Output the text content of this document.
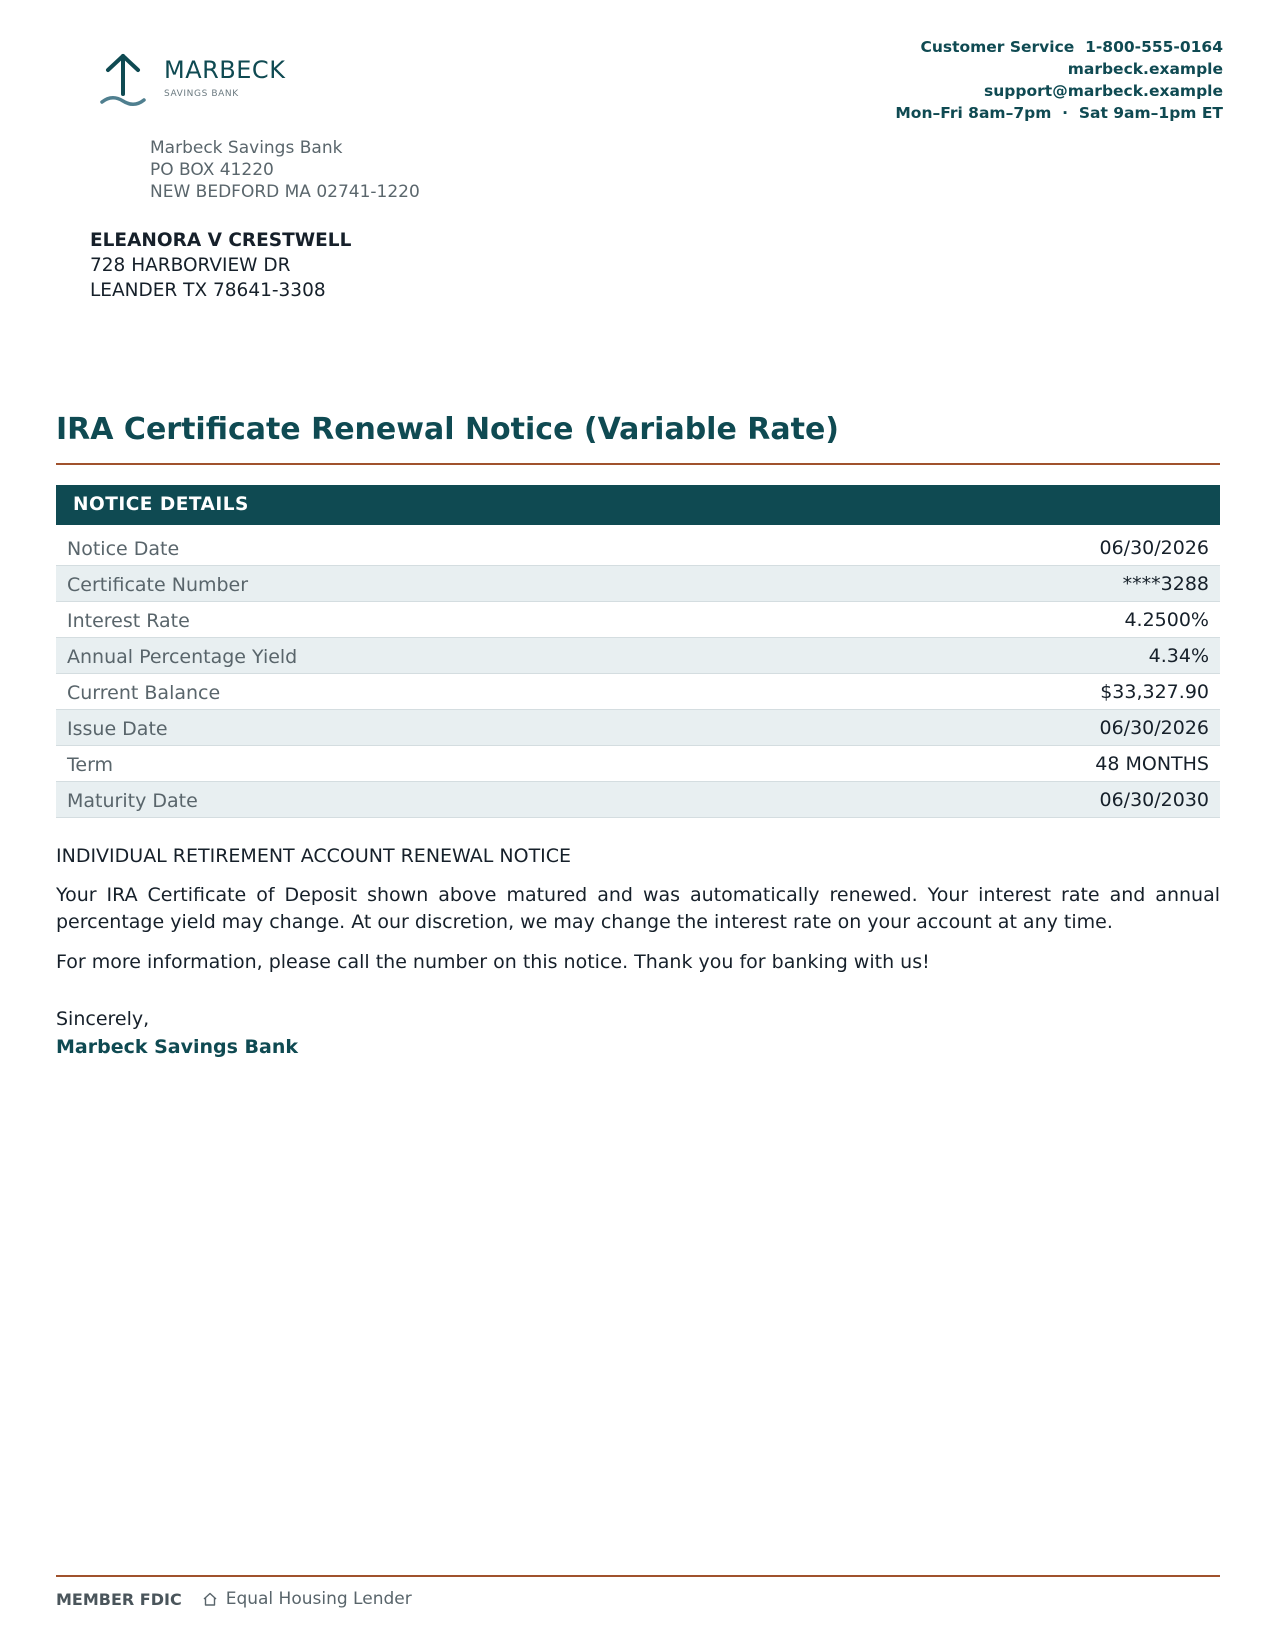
MARBECK
SAVINGS BANK
Customer Service  1-800-555-0164
marbeck.example
support@marbeck.example
Mon–Fri 8am–7pm  ·  Sat 9am–1pm ET
Marbeck Savings Bank
PO BOX 41220
NEW BEDFORD MA 02741-1220
ELEANORA V CRESTWELL
728 HARBORVIEW DR
LEANDER TX 78641-3308
IRA Certificate Renewal Notice (Variable Rate)
NOTICE DETAILS
Notice Date	06/30/2026
Certificate Number	****3288
Interest Rate	4.2500%
Annual Percentage Yield	4.34%
Current Balance	$33,327.90
Issue Date	06/30/2026
Term	48 MONTHS
Maturity Date	06/30/2030

INDIVIDUAL RETIREMENT ACCOUNT RENEWAL NOTICE

Your IRA Certificate of Deposit shown above matured and was automatically renewed. Your interest rate and annual percentage yield may change. At our discretion, we may change the interest rate on your account at any time.

For more information, please call the number on this notice. Thank you for banking with us!

Sincerely,
Marbeck Savings Bank
MEMBER FDIC	Equal Housing Lender
